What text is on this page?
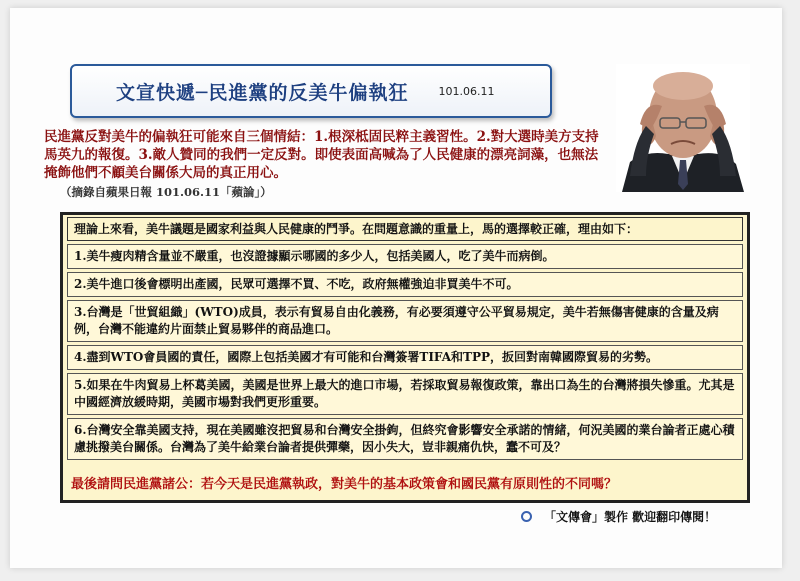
文宣快遞─民進黨的反美牛偏執狂	101.06.11
民進黨反對美牛的偏執狂可能來自三個情結：1.根深柢固民粹主義習性。2.對大選時美方支持馬英九的報復。3.敵人贊同的我們一定反對。即使表面高喊為了人民健康的漂亮詞藻，也無法掩飾他們不顧美台關係大局的真正用心。
（摘錄自蘋果日報 101.06.11「蘋論」）
理論上來看，美牛議題是國家利益與人民健康的鬥爭。在問題意識的重量上，馬的選擇較正確，理由如下：
1.美牛瘦肉精含量並不嚴重，也沒證據顯示哪國的多少人，包括美國人，吃了美牛而病倒。
2.美牛進口後會標明出產國，民眾可選擇不買、不吃，政府無權強迫非買美牛不可。
3.台灣是「世貿組織」(WTO)成員，表示有貿易自由化義務，有必要須遵守公平貿易規定，美牛若無傷害健康的含量及病例，台灣不能違約片面禁止貿易夥伴的商品進口。
4.盡到WTO會員國的責任，國際上包括美國才有可能和台灣簽署TIFA和TPP，扳回對南韓國際貿易的劣勢。
5.如果在牛肉貿易上杯葛美國，美國是世界上最大的進口市場，若採取貿易報復政策，靠出口為生的台灣將損失慘重。尤其是中國經濟放緩時期，美國市場對我們更形重要。
6.台灣安全靠美國支持，現在美國雖沒把貿易和台灣安全掛鉤，但終究會影響安全承諾的情緒，何況美國的業台論者正處心積慮挑撥美台關係。台灣為了美牛給業台論者提供彈藥，因小失大，豈非親痛仇快，蠢不可及？
最後請問民進黨諸公：若今天是民進黨執政，對美牛的基本政策會和國民黨有原則性的不同嗎？
「文傳會」製作 歡迎翻印傳閱！
